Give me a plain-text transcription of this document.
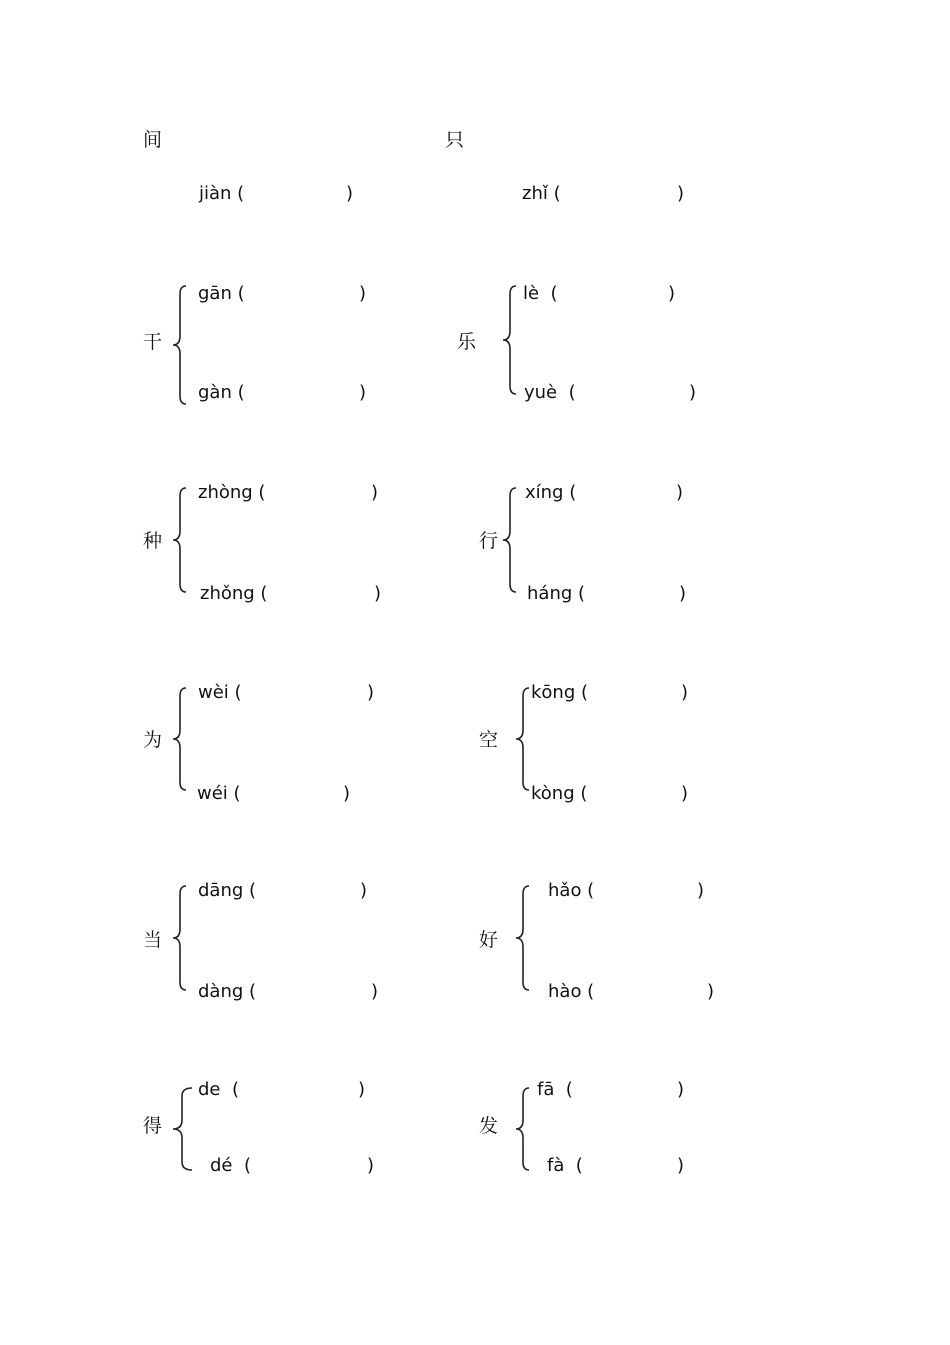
间
jiàn (	)
只
zhǐ (	)
干
gān (	)
gàn (	)
乐
lè  (	)
yuè  (	)
种
zhòng (	)
zhǒng (	)
行
xíng (	)
háng (	)
为
wèi (	)
wéi (	)
空
kōng (	)
kòng (	)
当
dāng (	)
dàng (	)
好
hǎo (	)
hào (	)
得
de  (	)
dé  (	)
发
fā  (	)
fà  (	)
